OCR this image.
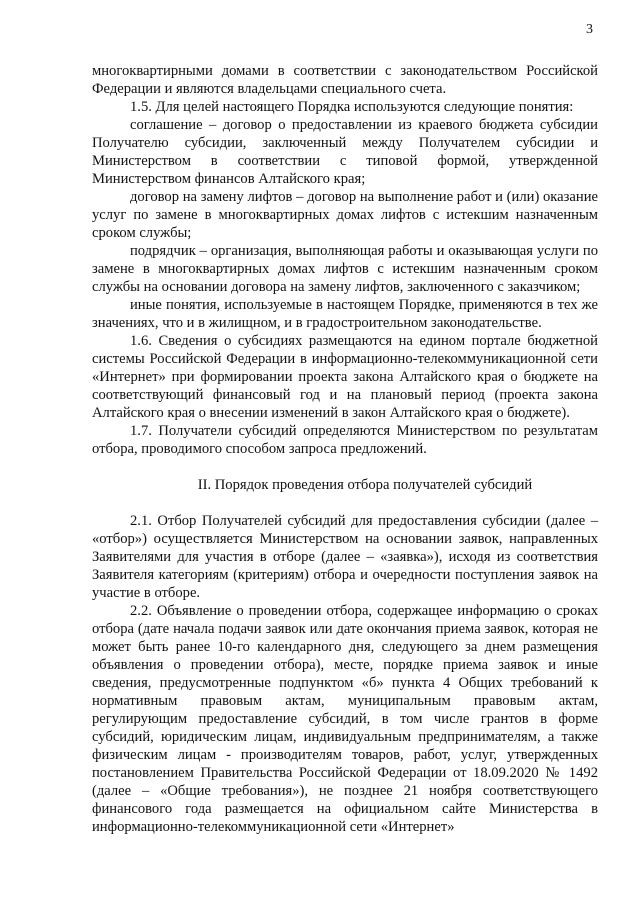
3

многоквартирными домами в соответствии с законодательством Российской Федерации и являются владельцами специального счета.

1.5. Для целей настоящего Порядка используются следующие понятия:

соглашение – договор о предоставлении из краевого бюджета субсидии Получателю субсидии, заключенный между Получателем субсидии и Министерством в соответствии с типовой формой, утвержденной Министерством финансов Алтайского края;

договор на замену лифтов – договор на выполнение работ и (или) оказание услуг по замене в многоквартирных домах лифтов с истекшим назначенным сроком службы;

подрядчик – организация, выполняющая работы и оказывающая услуги по замене в многоквартирных домах лифтов с истекшим назначенным сроком службы на основании договора на замену лифтов, заключенного с заказчиком;

иные понятия, используемые в настоящем Порядке, применяются в тех же значениях, что и в жилищном, и в градостроительном законодательстве.

1.6. Сведения о субсидиях размещаются на едином портале бюджетной системы Российской Федерации в информационно-телекоммуникационной сети «Интернет» при формировании проекта закона Алтайского края о бюджете на соответствующий финансовый год и на плановый период (проекта закона Алтайского края о внесении изменений в закон Алтайского края о бюджете).

1.7. Получатели субсидий определяются Министерством по результатам отбора, проводимого способом запроса предложений.

II. Порядок проведения отбора получателей субсидий

2.1. Отбор Получателей субсидий для предоставления субсидии (далее – «отбор») осуществляется Министерством на основании заявок, направленных Заявителями для участия в отборе (далее – «заявка»), исходя из соответствия Заявителя категориям (критериям) отбора и очередности поступления заявок на участие в отборе.

2.2. Объявление о проведении отбора, содержащее информацию о сроках отбора (дате начала подачи заявок или дате окончания приема заявок, которая не может быть ранее 10-го календарного дня, следующего за днем размещения объявления о проведении отбора), месте, порядке приема заявок и иные сведения, предусмотренные подпунктом «б» пункта 4 Общих требований к нормативным правовым актам, муниципальным правовым актам, регулирующим предоставление субсидий, в том числе грантов в форме субсидий, юридическим лицам, индивидуальным предпринимателям, а также физическим лицам - производителям товаров, работ, услуг, утвержденных постановлением Правительства Российской Федерации от 18.09.2020 № 1492 (далее – «Общие требования»), не позднее 21 ноября соответствующего финансового года размещается на официальном сайте Министерства в информационно-телекоммуникационной сети «Интернет»
